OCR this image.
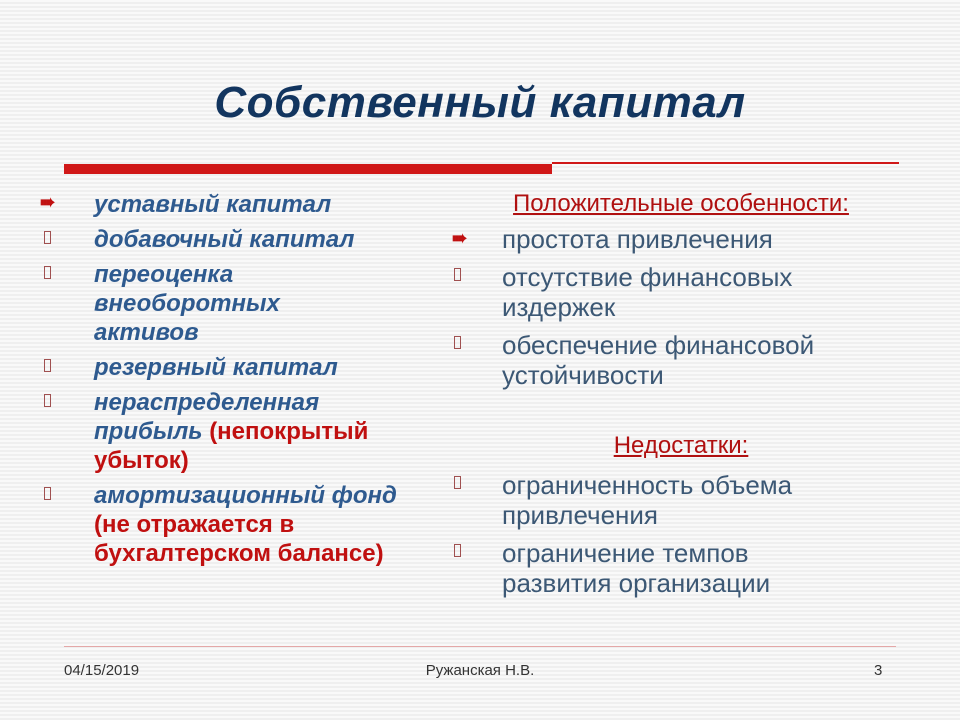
Собственный капитал
➠ уставный капитал
добавочный капитал
переоценка внеоборотных активов
резервный капитал
нераспределенная прибыль (непокрытый убыток)
амортизационный фонд (не отражается в бухгалтерском балансе)
Положительные особенности:
➠ простота привлечения
отсутствие финансовых издержек
обеспечение финансовой устойчивости
Недостатки:
ограниченность объема привлечения
ограничение темпов развития организации
04/15/2019	Ружанская Н.В.	3
